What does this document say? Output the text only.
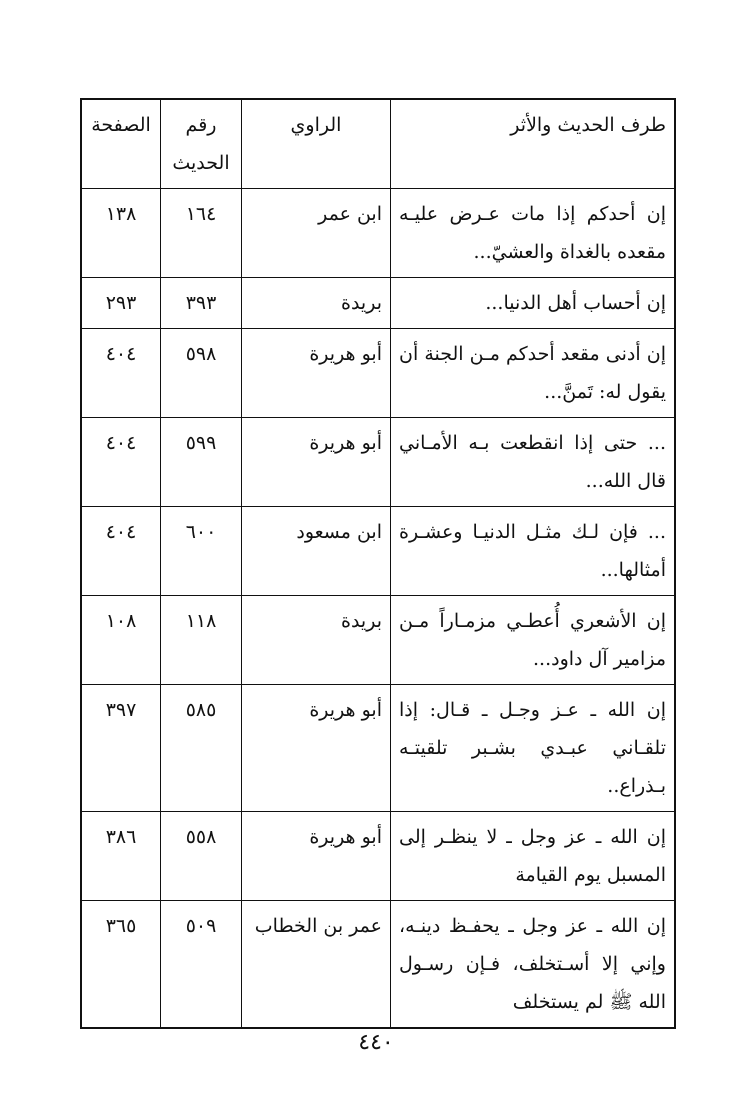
طرف الحديث والأثر	الراوي	رقم الحديث	الصفحة
إن أحدكم إذا مات عـرض عليـه مقعده بالغداة والعشيّ...	ابن عمر	١٦٤	١٣٨
إن أحساب أهل الدنيا...	بريدة	٣٩٣	٢٩٣
إن أدنى مقعد أحدكم مـن الجنة أن يقول له: تَمنَّ...	أبو هريرة	٥٩٨	٤٠٤
... حتى إذا انقطعت بـه الأمـاني قال الله...	أبو هريرة	٥٩٩	٤٠٤
... فإن لـك مثـل الدنيـا وعشـرة أمثالها...	ابن مسعود	٦٠٠	٤٠٤
إن الأشعري أُعطـي مزمـاراً مـن مزامير آل داود...	بريدة	١١٨	١٠٨
إن الله ـ عـز وجـل ـ قـال: إذا تلقـاني عبـدي بشـبر تلقيتـه بـذراع..	أبو هريرة	٥٨٥	٣٩٧
إن الله ـ عز وجل ـ لا ينظـر إلى المسبل يوم القيامة	أبو هريرة	٥٥٨	٣٨٦
إن الله ـ عز وجل ـ يحفـظ دينـه، وإني إلا أسـتخلف، فـإن رسـول الله ﷺ لم يستخلف	عمر بن الخطاب	٥٠٩	٣٦٥
٤٤٠
